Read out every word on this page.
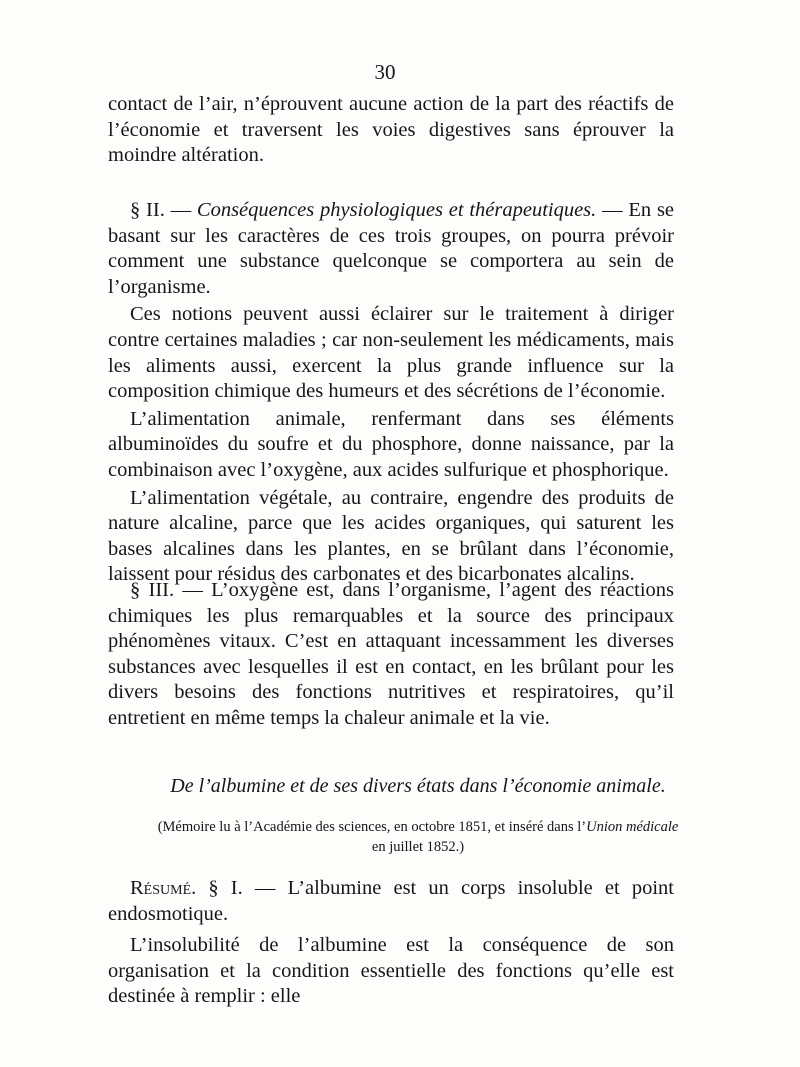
30

contact de l’air, n’éprouvent aucune action de la part des réactifs de l’économie et traversent les voies digestives sans éprouver la moindre altération.

§ II. — Conséquences physiologiques et thérapeutiques. — En se basant sur les caractères de ces trois groupes, on pourra prévoir comment une substance quelconque se comportera au sein de l’organisme.

Ces notions peuvent aussi éclairer sur le traitement à diriger contre certaines maladies ; car non-seulement les médicaments, mais les aliments aussi, exercent la plus grande influence sur la composition chimique des humeurs et des sécrétions de l’économie.

L’alimentation animale, renfermant dans ses éléments albuminoïdes du soufre et du phosphore, donne naissance, par la combinaison avec l’oxygène, aux acides sulfurique et phosphorique.

L’alimentation végétale, au contraire, engendre des produits de nature alcaline, parce que les acides organiques, qui saturent les bases alcalines dans les plantes, en se brûlant dans l’économie, laissent pour résidus des carbonates et des bicarbonates alcalins.

§ III. — L’oxygène est, dans l’organisme, l’agent des réactions chimiques les plus remarquables et la source des principaux phénomènes vitaux. C’est en attaquant incessamment les diverses substances avec lesquelles il est en contact, en les brûlant pour les divers besoins des fonctions nutritives et respiratoires, qu’il entretient en même temps la chaleur animale et la vie.

De l’albumine et de ses divers états dans l’économie animale.
(Mémoire lu à l’Académie des sciences, en octobre 1851, et inséré dans l’Union médicale
en juillet 1852.)

Résumé. § I. — L’albumine est un corps insoluble et point endosmotique.

L’insolubilité de l’albumine est la conséquence de son organisation et la condition essentielle des fonctions qu’elle est destinée à remplir : elle
